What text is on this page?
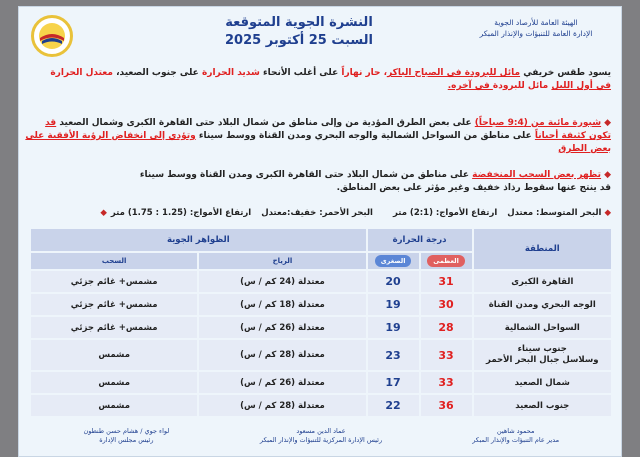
الهيئة العامة للأرصاد الجوية
الإدارة العامة للتنبؤات والإنذار المبكر
النشرة الجوية المتوقعة
السبت 25 أكتوبر 2025
يسود طقس خريفي مائل للبرودة في الصباح الباكر، حار نهاراً على أغلب الأنحاء شديد الحرارة على جنوب الصعيد، معتدل الحرارة
في أول الليل مائل للبرودة في آخره.
◆شبورة مائية من (9:4 صباحاً) على بعض الطرق المؤدية من وإلى مناطق من شمال البلاد حتى القاهرة الكبرى وشمال الصعيد قد تكون كثيفة أحياناً على مناطق من السواحل الشمالية والوجه البحري ومدن القناة ووسط سيناء وتؤدي إلى انخفاض الرؤية الأفقية على بعض الطرق
◆تظهر بعض السحب المنخفضة على مناطق من شمال البلاد حتى القاهرة الكبرى ومدن القناة ووسط سيناء
قد ينتج عنها سقوط رذاذ خفيف وغير مؤثر على بعض المناطق.
◆البحر المتوسط: معتدلارتفاع الأمواج: (2:1) مترالبحر الأحمر: خفيف:معتدلارتفاع الأمواج: (1.25 : 1.75) متر◆
المنطقة	درجة الحرارة		الظواهر الجوية	
	العظمى	الصغرى	الرياح	السحب
القاهرة الكبرى	31	20	معتدلة (24 كم / س)	مشمس+ غائم جزئي
الوجه البحري ومدن القناة	30	19	معتدلة (18 كم / س)	مشمس+ غائم جزئي
السواحل الشمالية	28	19	معتدلة (26 كم / س)	مشمس+ غائم جزئي

جنوب سيناء
وسلاسل جبال البحر الأحمر	33	23	معتدلة (28 كم / س)	مشمس
شمال الصعيد	33	17	معتدلة (26 كم / س)	مشمس
جنوب الصعيد	36	22	معتدلة (28 كم / س)	مشمس
محمود شاهين
مدير عام التنبؤات والإنذار المبكر
عماد الدين مسعود
رئيس الإدارة المركزية للتنبؤات والإنذار المبكر
لواء جوي / هشام حسن طنطون
رئيس مجلس الإدارة
